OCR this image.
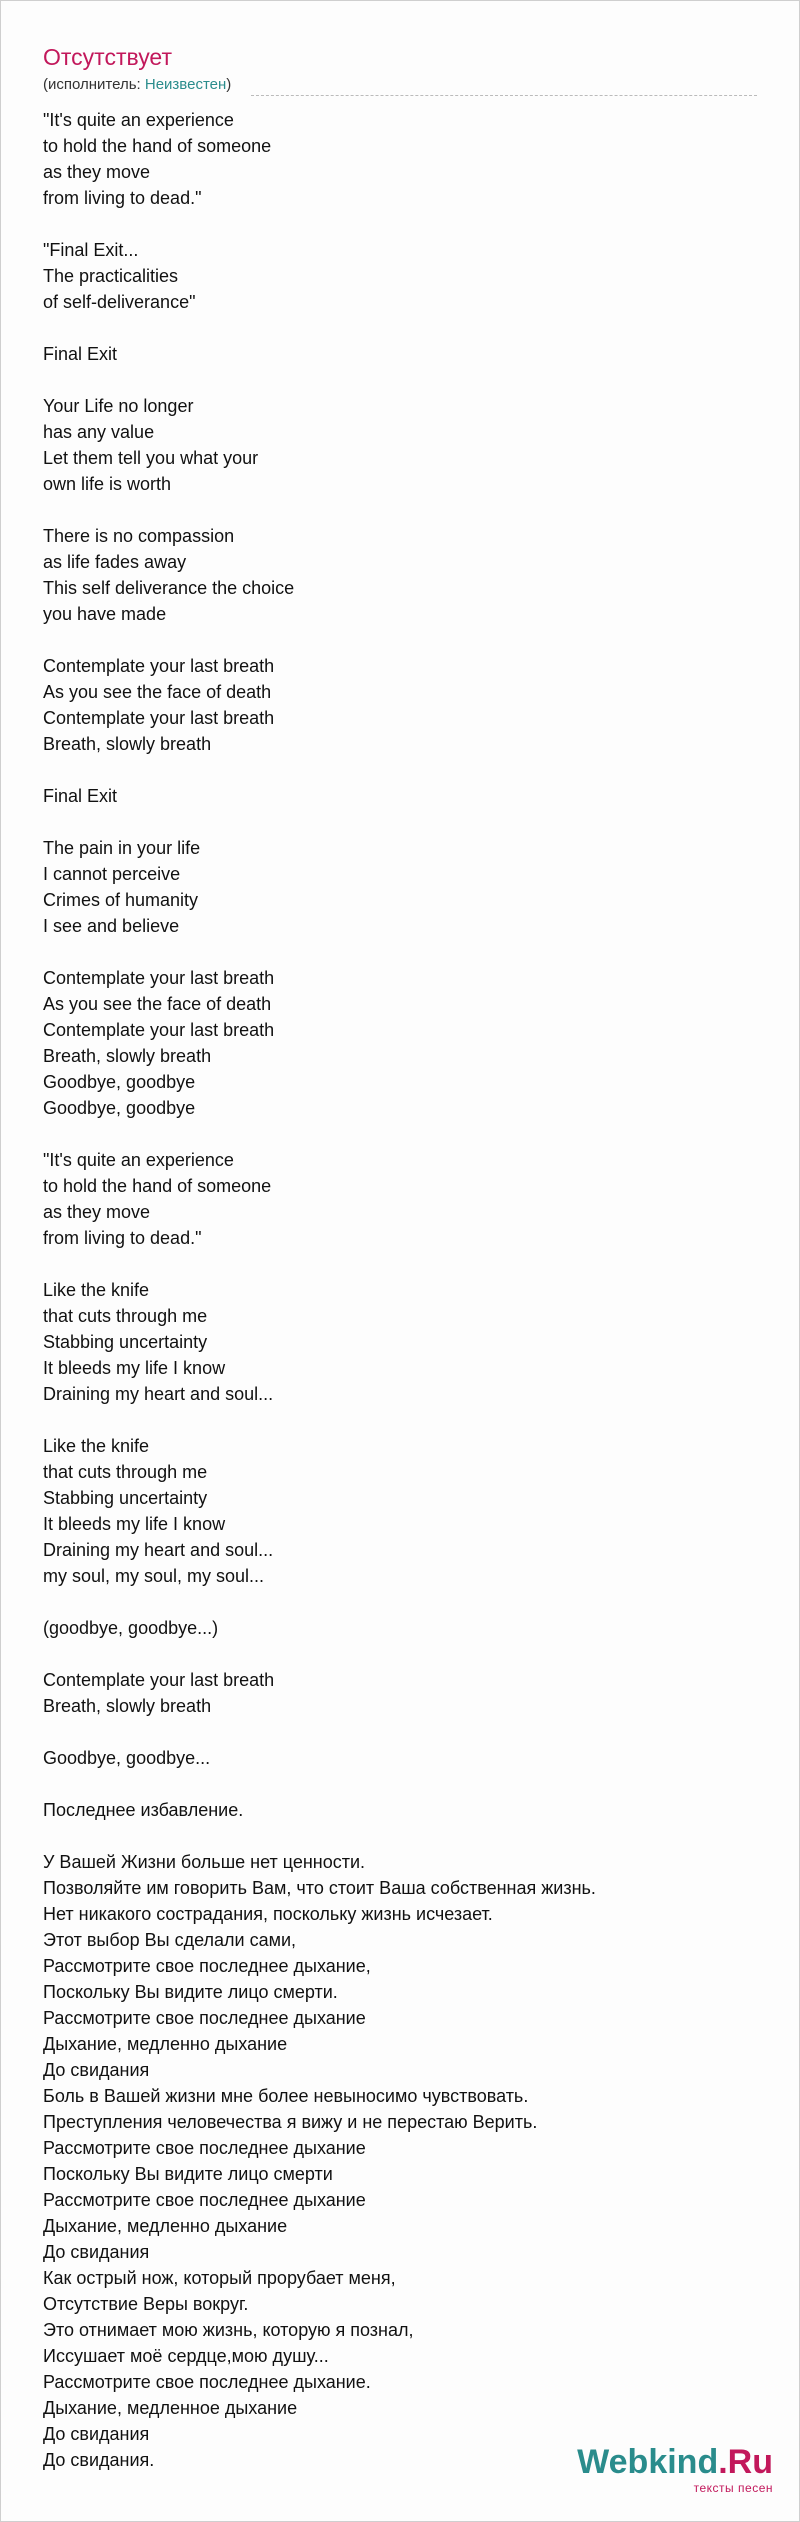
Отсутствует
(исполнитель: Неизвестен)
"It's quite an experience
to hold the hand of someone
as they move
from living to dead."
"Final Exit...
The practicalities
of self-deliverance"
Final Exit
Your Life no longer
has any value
Let them tell you what your
own life is worth
There is no compassion
as life fades away
This self deliverance the choice
you have made
Contemplate your last breath
As you see the face of death
Contemplate your last breath
Breath, slowly breath
Final Exit
The pain in your life
I cannot perceive
Crimes of humanity
I see and believe
Contemplate your last breath
As you see the face of death
Contemplate your last breath
Breath, slowly breath
Goodbye, goodbye
Goodbye, goodbye
"It's quite an experience
to hold the hand of someone
as they move
from living to dead."
Like the knife
that cuts through me
Stabbing uncertainty
It bleeds my life I know
Draining my heart and soul...
Like the knife
that cuts through me
Stabbing uncertainty
It bleeds my life I know
Draining my heart and soul...
my soul, my soul, my soul...
(goodbye, goodbye...)
Contemplate your last breath
Breath, slowly breath
Goodbye, goodbye...
Последнее избавление.
У Вашей Жизни больше нет ценности.
Позволяйте им говорить Вам, что стоит Ваша собственная жизнь.
Нет никакого сострадания, поскольку жизнь исчезает.
Этот выбор Вы сделали сами,
Рассмотрите свое последнее дыхание,
Поскольку Вы видите лицо смерти.
Рассмотрите свое последнее дыхание
Дыхание, медленно дыхание
До свидания
Боль в Вашей жизни мне более невыносимо чувствовать.
Преступления человечества я вижу и не перестаю Верить.
Рассмотрите свое последнее дыхание
Поскольку Вы видите лицо смерти
Рассмотрите свое последнее дыхание
Дыхание, медленно дыхание
До свидания
Как острый нож, который прорубает меня,
Отсутствие Веры вокруг.
Это отнимает мою жизнь, которую я познал,
Иссушает моё сердце,мою душу...
Рассмотрите свое последнее дыхание.
Дыхание, медленное дыхание
До свидания
До свидания.	Webkind.Ru
тексты песен
